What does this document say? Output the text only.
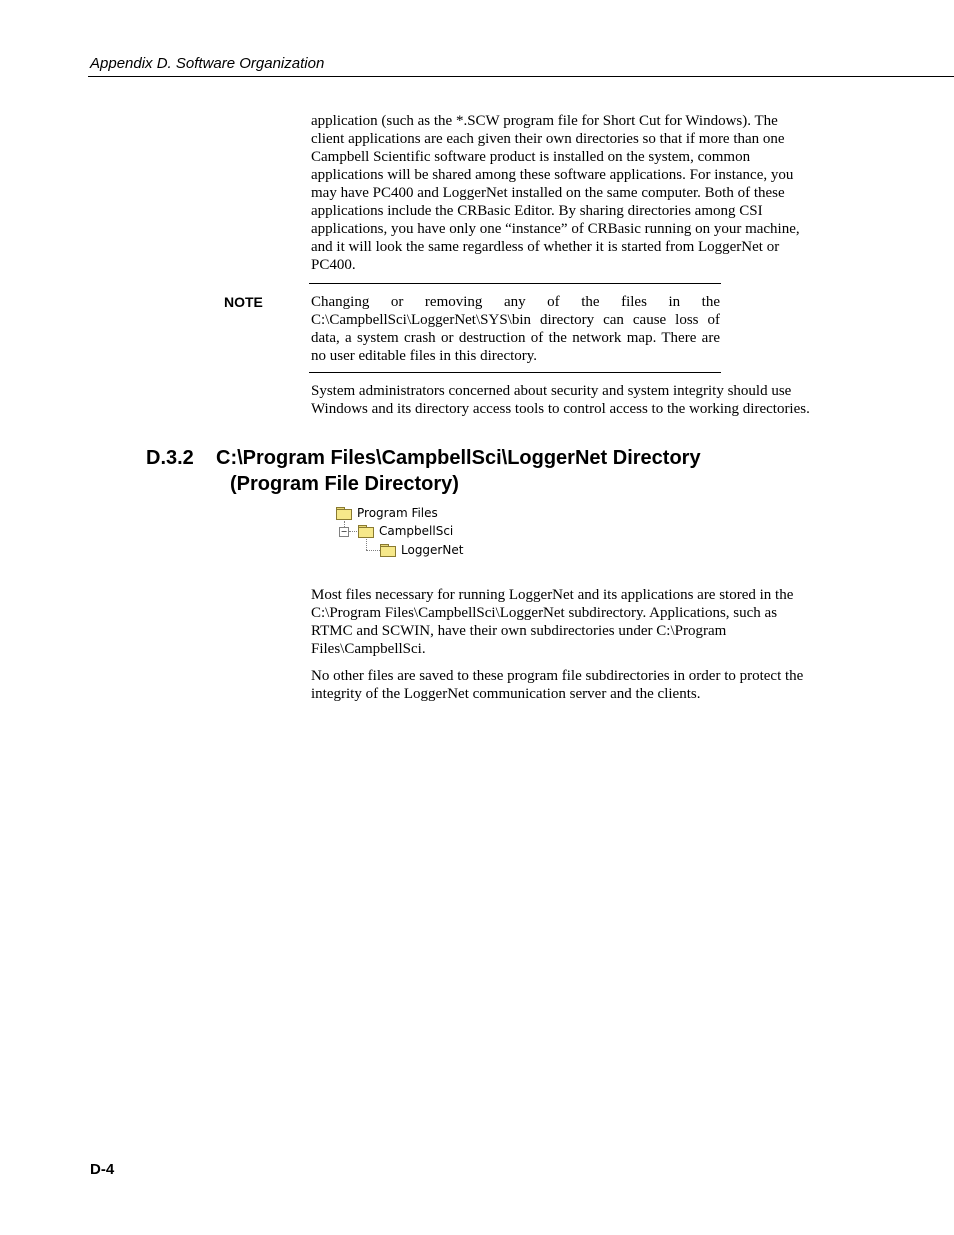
Appendix D. Software Organization

application (such as the *.SCW program file for Short Cut for Windows). The client applications are each given their own directories so that if more than one Campbell Scientific software product is installed on the system, common applications will be shared among these software applications. For instance, you may have PC400 and LoggerNet installed on the same computer. Both of these applications include the CRBasic Editor. By sharing directories among CSI applications, you have only one “instance” of CRBasic running on your machine, and it will look the same regardless of whether it is started from LoggerNet or PC400.

NOTE	Changing or removing any of the files in the C:\CampbellSci\LoggerNet\SYS\bin directory can cause loss of data, a system crash or destruction of the network map. There are no user editable files in this directory.

System administrators concerned about security and system integrity should use Windows and its directory access tools to control access to the working directories.

D.3.2 C:\Program Files\CampbellSci\LoggerNet Directory
(Program File Directory)
Program Files
−	CampbellSci
LoggerNet

Most files necessary for running LoggerNet and its applications are stored in the C:\Program Files\CampbellSci\LoggerNet subdirectory. Applications, such as RTMC and SCWIN, have their own subdirectories under C:\Program Files\CampbellSci.

No other files are saved to these program file subdirectories in order to protect the integrity of the LoggerNet communication server and the clients.

D-4
